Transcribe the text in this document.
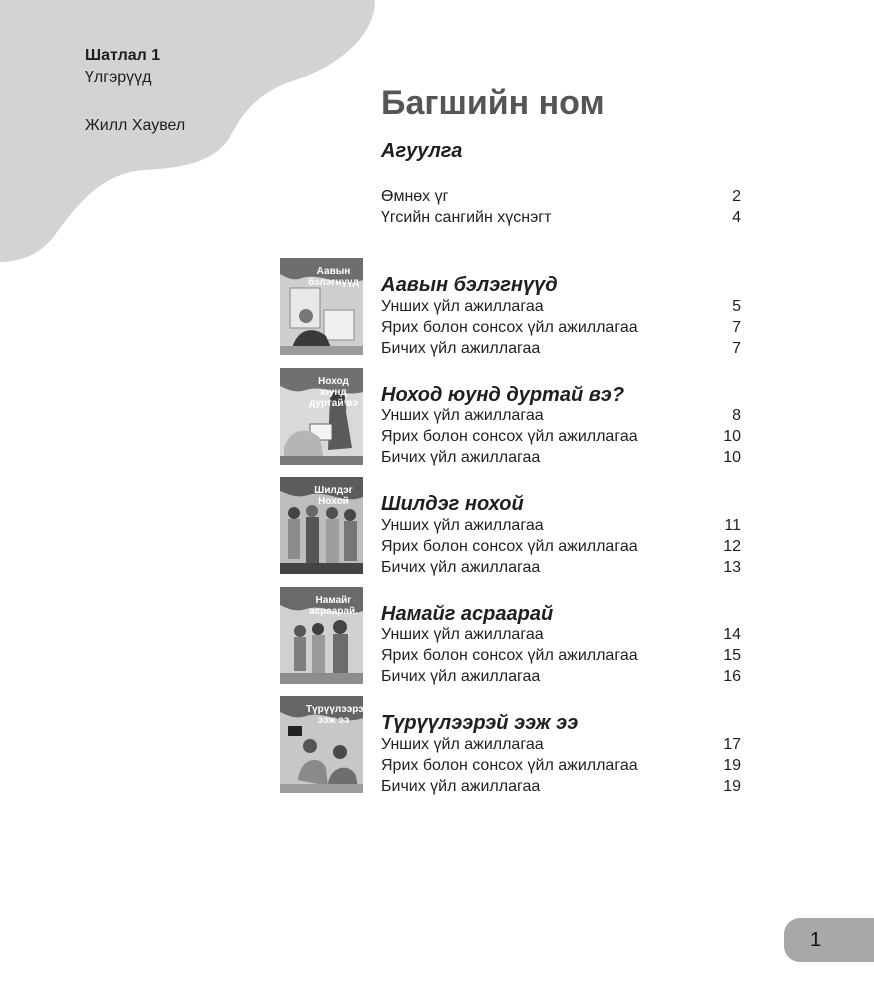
Шатлал 1
Үлгэрүүд
Жилл Хаувел
Багшийн ном
Агуулга
Өмнөх үг	2
Үгсийн сангийн хүснэгт	4
Аавын бэлэгнүүд Аавын бэлэгнүүд
Унших үйл ажиллагаа	5
Ярих болон сонсох үйл ажиллагаа	7
Бичих үйл ажиллагаа	7
Ноход юунд дуртай вэ Ноход юунд дуртай вэ?
Унших үйл ажиллагаа	8
Ярих болон сонсох үйл ажиллагаа	10
Бичих үйл ажиллагаа	10
Шилдэг Нохой	Шилдэг нохой
Унших үйл ажиллагаа	11
Ярих болон сонсох үйл ажиллагаа	12
Бичих үйл ажиллагаа	13
Намайг асраарай. Намайг асраарай
Унших үйл ажиллагаа	14
Ярих болон сонсох үйл ажиллагаа	15
Бичих үйл ажиллагаа	16
Түрүүлээрэй ээж ээ	Түрүүлээрэй ээж ээ
Унших үйл ажиллагаа	17
Ярих болон сонсох үйл ажиллагаа	19
Бичих үйл ажиллагаа	19
1
